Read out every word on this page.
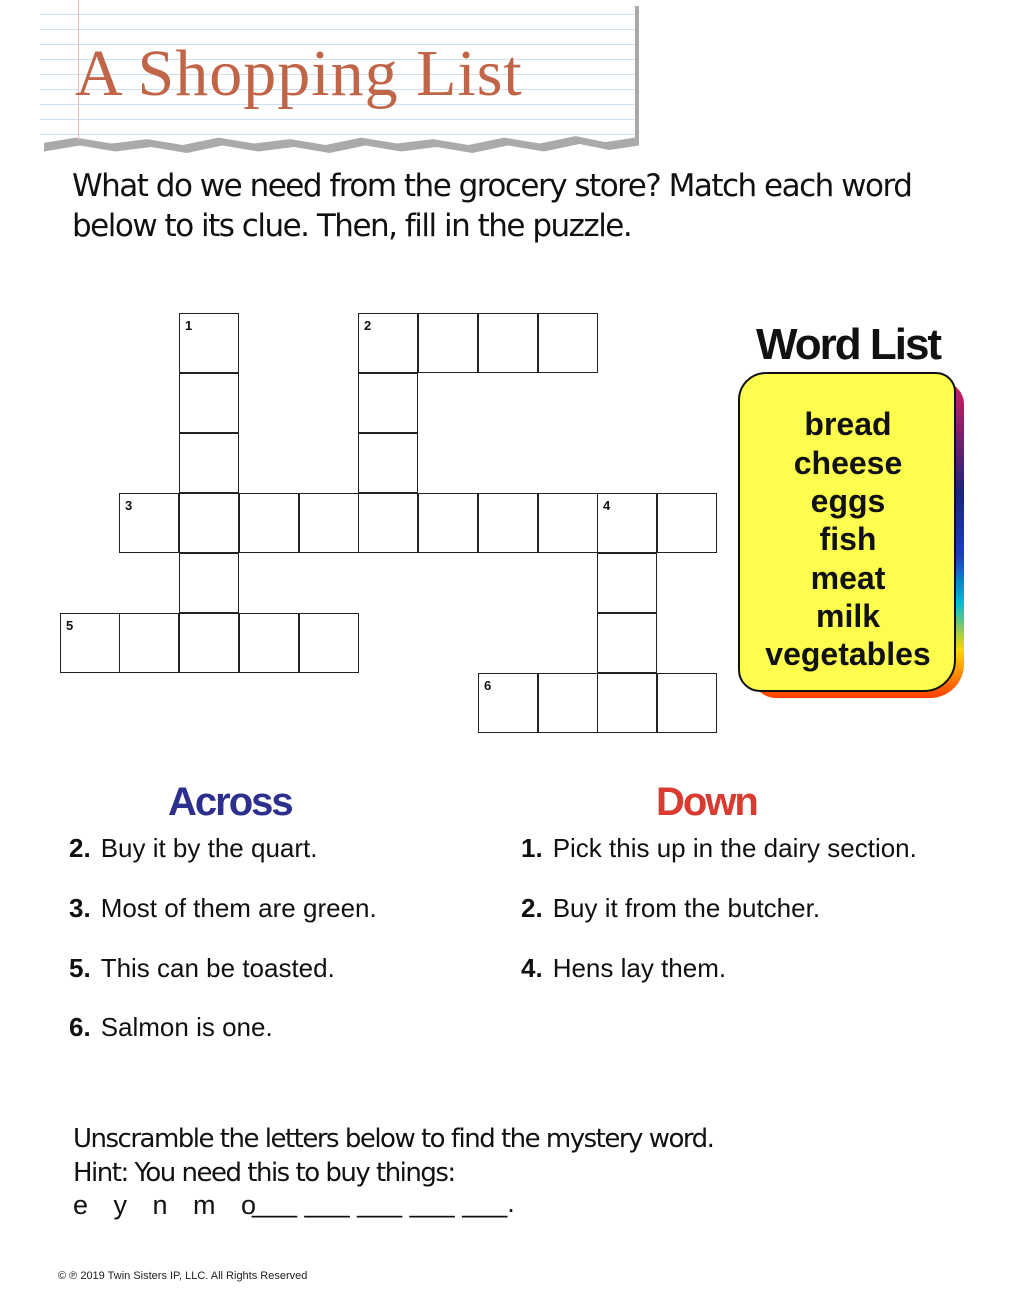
A Shopping List
What do we need from the grocery store? Match each word below to its clue. Then, fill in the puzzle.
1	2
3	4
5
6
Word List
bread
cheese
eggs
fish
meat
milk
vegetables
Across
2. Buy it by the quart.
3. Most of them are green.
5. This can be toasted.
6. Salmon is one.
Down
1. Pick this up in the dairy section.
2. Buy it from the butcher.
4. Hens lay them.
Unscramble the letters below to find the mystery word.
Hint: You need this to buy things:
e y n m o
___ ___ ___ ___ ___.
© ℗ 2019 Twin Sisters IP, LLC. All Rights Reserved
